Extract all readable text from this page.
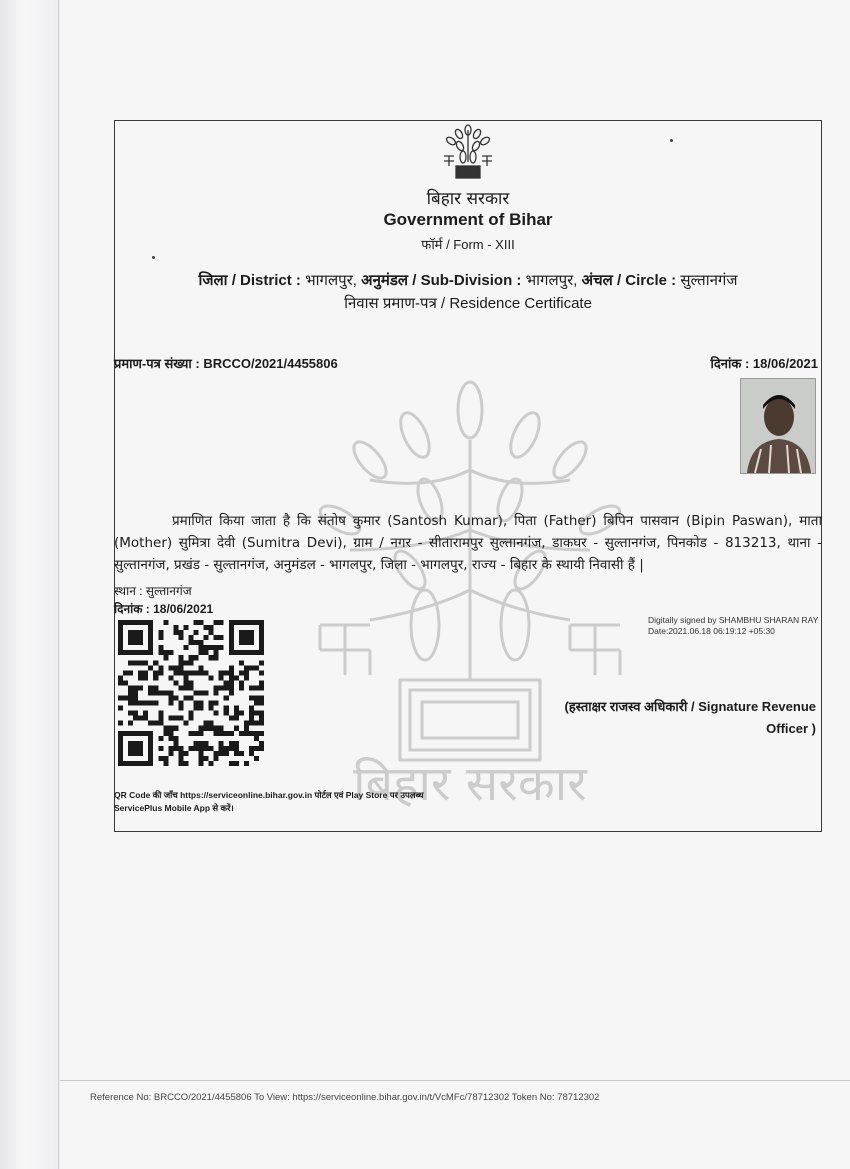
बिहार सरकार
बिहार सरकार
Government of Bihar
फॉर्म / Form - XIII
जिला / District : भागलपुर, अनुमंडल / Sub-Division : भागलपुर, अंचल / Circle : सुल्तानगंज
निवास प्रमाण-पत्र / Residence Certificate
प्रमाण-पत्र संख्या : BRCCO/2021/4455806	दिनांक : 18/06/2021
प्रमाणित किया जाता है कि संतोष कुमार (Santosh Kumar), पिता (Father) बिपिन पासवान (Bipin Paswan), माता (Mother) सुमित्रा देवी (Sumitra Devi), ग्राम / नगर - सीतारामपुर सुल्तानगंज, डाकघर - सुल्तानगंज, पिनकोड - 813213, थाना - सुल्तानगंज, प्रखंड - सुल्तानगंज, अनुमंडल - भागलपुर, जिला - भागलपुर, राज्य - बिहार के स्थायी निवासी हैं |
स्थान : सुल्तानगंज
दिनांक : 18/06/2021
Digitally signed by SHAMBHU SHARAN RAY
Date:2021.06.18 06:19:12 +05:30
(हस्ताक्षर राजस्व अधिकारी / Signature Revenue
Officer )
QR Code की जाँच https://serviceonline.bihar.gov.in पोर्टल एवं Play Store पर उपलब्ध
ServicePlus Mobile App से करें।
Reference No: BRCCO/2021/4455806 To View: https://serviceonline.bihar.gov.in/t/VcMFc/78712302 Token No: 78712302
